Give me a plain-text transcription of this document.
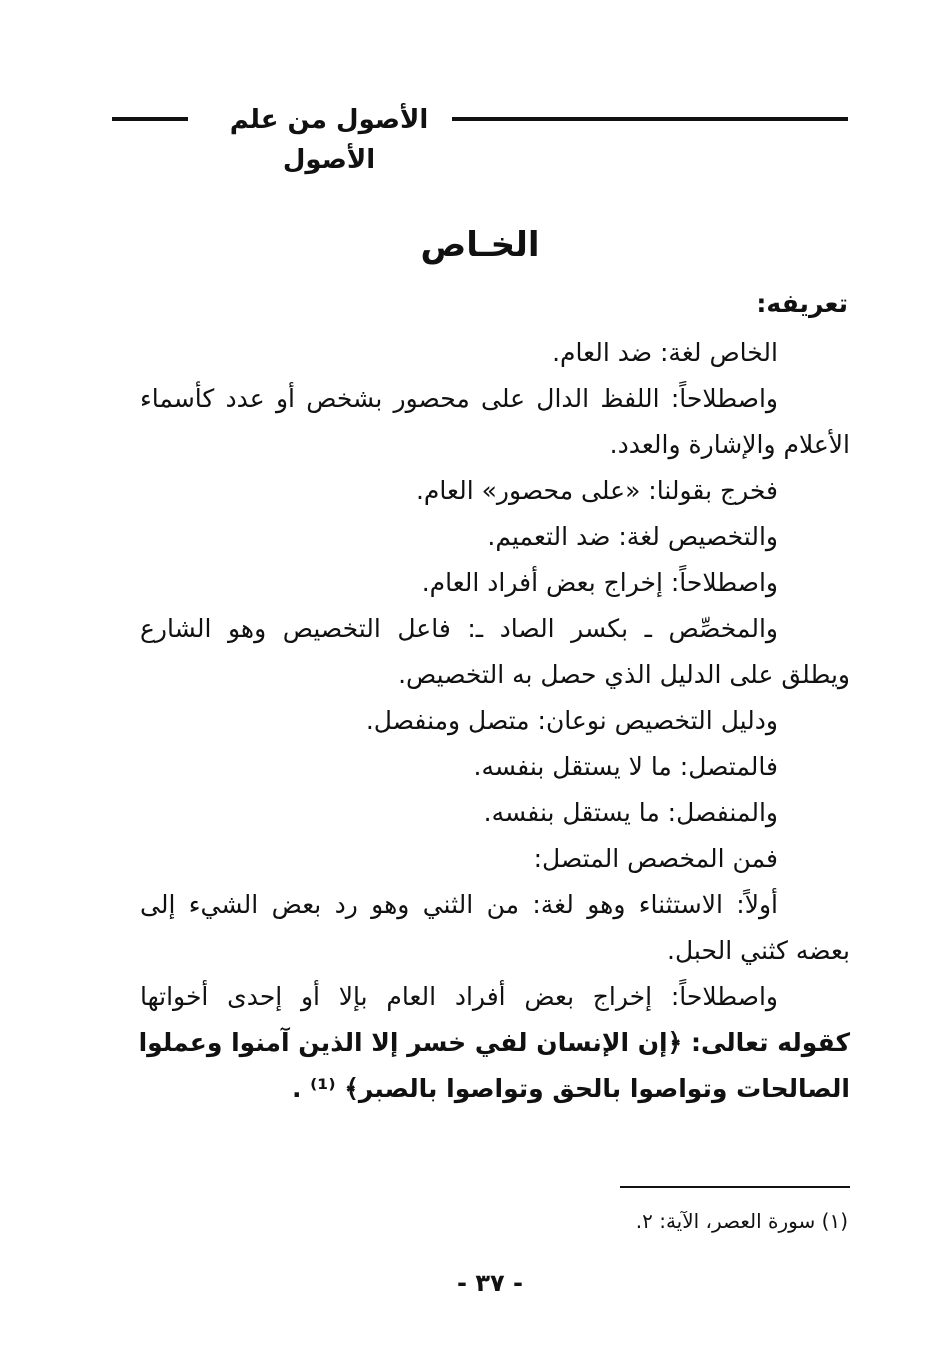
الأصول من علم الأصول
الخـاص
تعريفه:
الخاص لغة: ضد العام.
واصطلاحاً: اللفظ الدال على محصور بشخص أو عدد كأسماء
الأعلام والإشارة والعدد.
فخرج بقولنا: «على محصور» العام.
والتخصيص لغة: ضد التعميم.
واصطلاحاً: إخراج بعض أفراد العام.
والمخصِّص ـ بكسر الصاد ـ: فاعل التخصيص وهو الشارع
ويطلق على الدليل الذي حصل به التخصيص.
ودليل التخصيص نوعان: متصل ومنفصل.
فالمتصل: ما لا يستقل بنفسه.
والمنفصل: ما يستقل بنفسه.
فمن المخصص المتصل:
أولاً: الاستثناء وهو لغة: من الثني وهو رد بعض الشيء إلى
بعضه كثني الحبل.
واصطلاحاً: إخراج بعض أفراد العام بإلا أو إحدى أخواتها
كقوله تعالى: ﴿إن الإنسان لفي خسر إلا الذين آمنوا وعملوا
الصالحات وتواصوا بالحق وتواصوا بالصبر﴾ ⁽¹⁾ .
(١) سورة العصر، الآية: ٢.
- ٣٧ -
